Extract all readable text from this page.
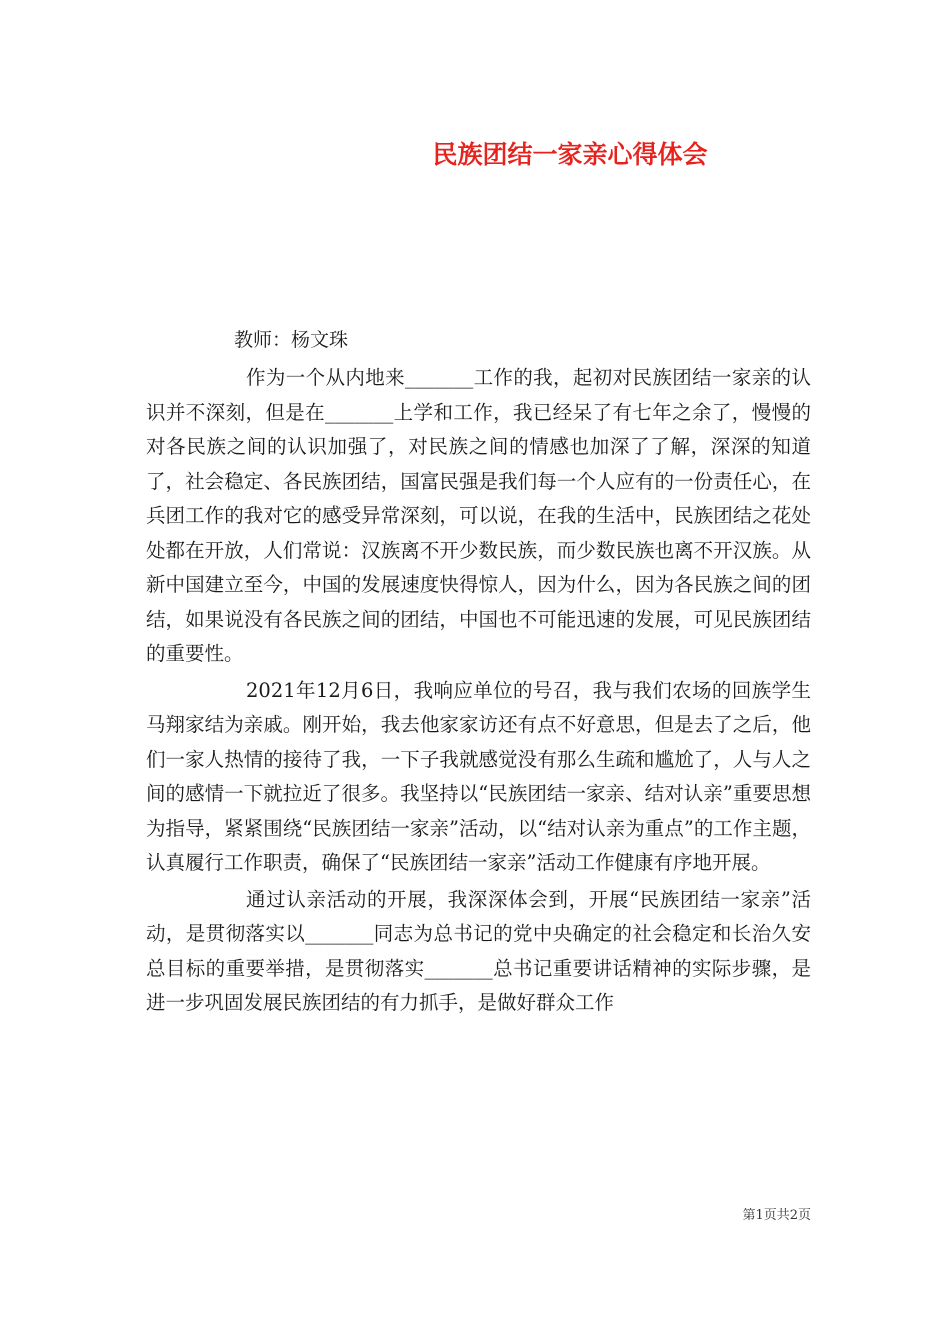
民族团结一家亲心得体会
教师：杨文珠

作为一个从内地来_______工作的我，起初对民族团结一家亲的认识并不深刻，但是在_______上学和工作，我已经呆了有七年之余了，慢慢的对各民族之间的认识加强了，对民族之间的情感也加深了了解，深深的知道了，社会稳定、各民族团结，国富民强是我们每一个人应有的一份责任心，在兵团工作的我对它的感受异常深刻，可以说，在我的生活中，民族团结之花处处都在开放，人们常说：汉族离不开少数民族，而少数民族也离不开汉族。从新中国建立至今，中国的发展速度快得惊人，因为什么，因为各民族之间的团结，如果说没有各民族之间的团结，中国也不可能迅速的发展，可见民族团结的重要性。

2021年12月6日，我响应单位的号召，我与我们农场的回族学生马翔家结为亲戚。刚开始，我去他家家访还有点不好意思，但是去了之后，他们一家人热情的接待了我，一下子我就感觉没有那么生疏和尴尬了，人与人之间的感情一下就拉近了很多。我坚持以“民族团结一家亲、结对认亲”重要思想为指导，紧紧围绕“民族团结一家亲”活动，以“结对认亲为重点”的工作主题，认真履行工作职责，确保了“民族团结一家亲”活动工作健康有序地开展。

通过认亲活动的开展，我深深体会到，开展“民族团结一家亲”活动，是贯彻落实以_______同志为总书记的党中央确定的社会稳定和长治久安总目标的重要举措，是贯彻落实_______总书记重要讲话精神的实际步骤，是进一步巩固发展民族团结的有力抓手，是做好群众工作

第1页共2页
